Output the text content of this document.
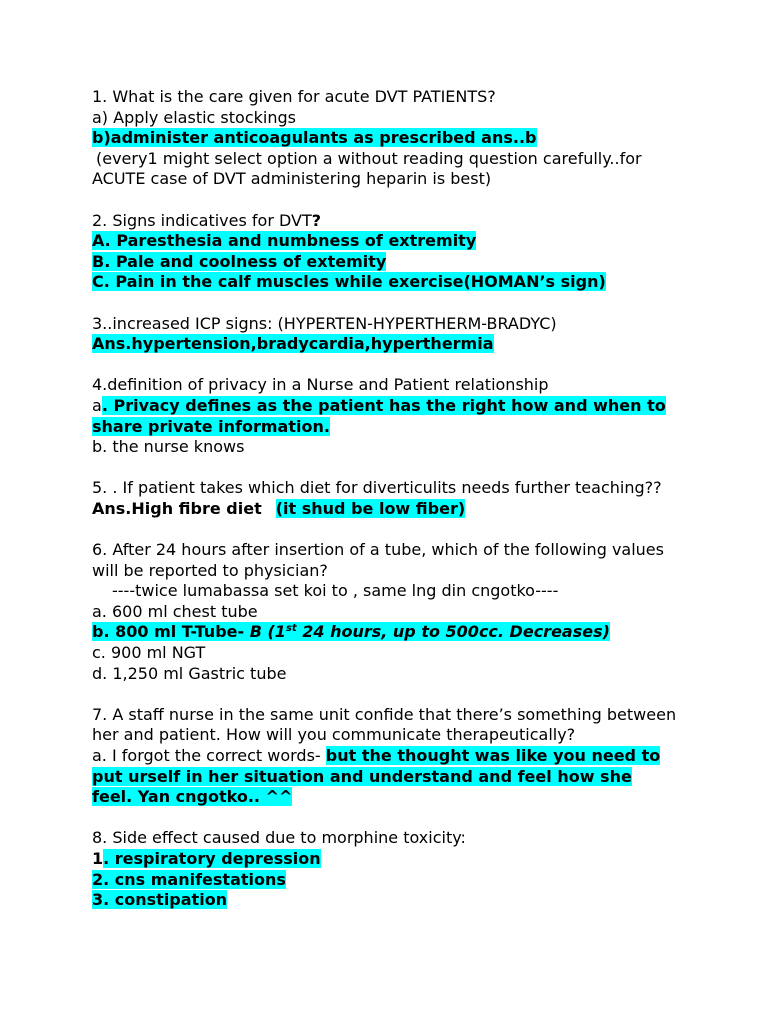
1. What is the care given for acute DVT PATIENTS?
a) Apply elastic stockings
b)administer anticoagulants as prescribed ans..b
(every1 might select option a without reading question carefully..for
ACUTE case of DVT administering heparin is best)
2. Signs indicatives for DVT?
A. Paresthesia and numbness of extremity
B. Pale and coolness of extemity
C. Pain in the calf muscles while exercise(HOMAN’s sign)
3..increased ICP signs: (HYPERTEN-HYPERTHERM-BRADYC)
Ans.hypertension,bradycardia,hyperthermia
4.definition of privacy in a Nurse and Patient relationship
a. Privacy defines as the patient has the right how and when to
share private information.
b. the nurse knows
5. . If patient takes which diet for diverticulits needs further teaching??
Ans.High fibre diet (it shud be low fiber)
6. After 24 hours after insertion of a tube, which of the following values
will be reported to physician?
----twice lumabassa set koi to , same lng din cngotko----
a. 600 ml chest tube
b. 800 ml T-Tube- B (1st 24 hours, up to 500cc. Decreases)
c. 900 ml NGT
d. 1,250 ml Gastric tube
7. A staff nurse in the same unit confide that there’s something between
her and patient. How will you communicate therapeutically?
a. I forgot the correct words- but the thought was like you need to
put urself in her situation and understand and feel how she
feel. Yan cngotko.. ^^
8. Side effect caused due to morphine toxicity:
1. respiratory depression
2. cns manifestations
3. constipation
